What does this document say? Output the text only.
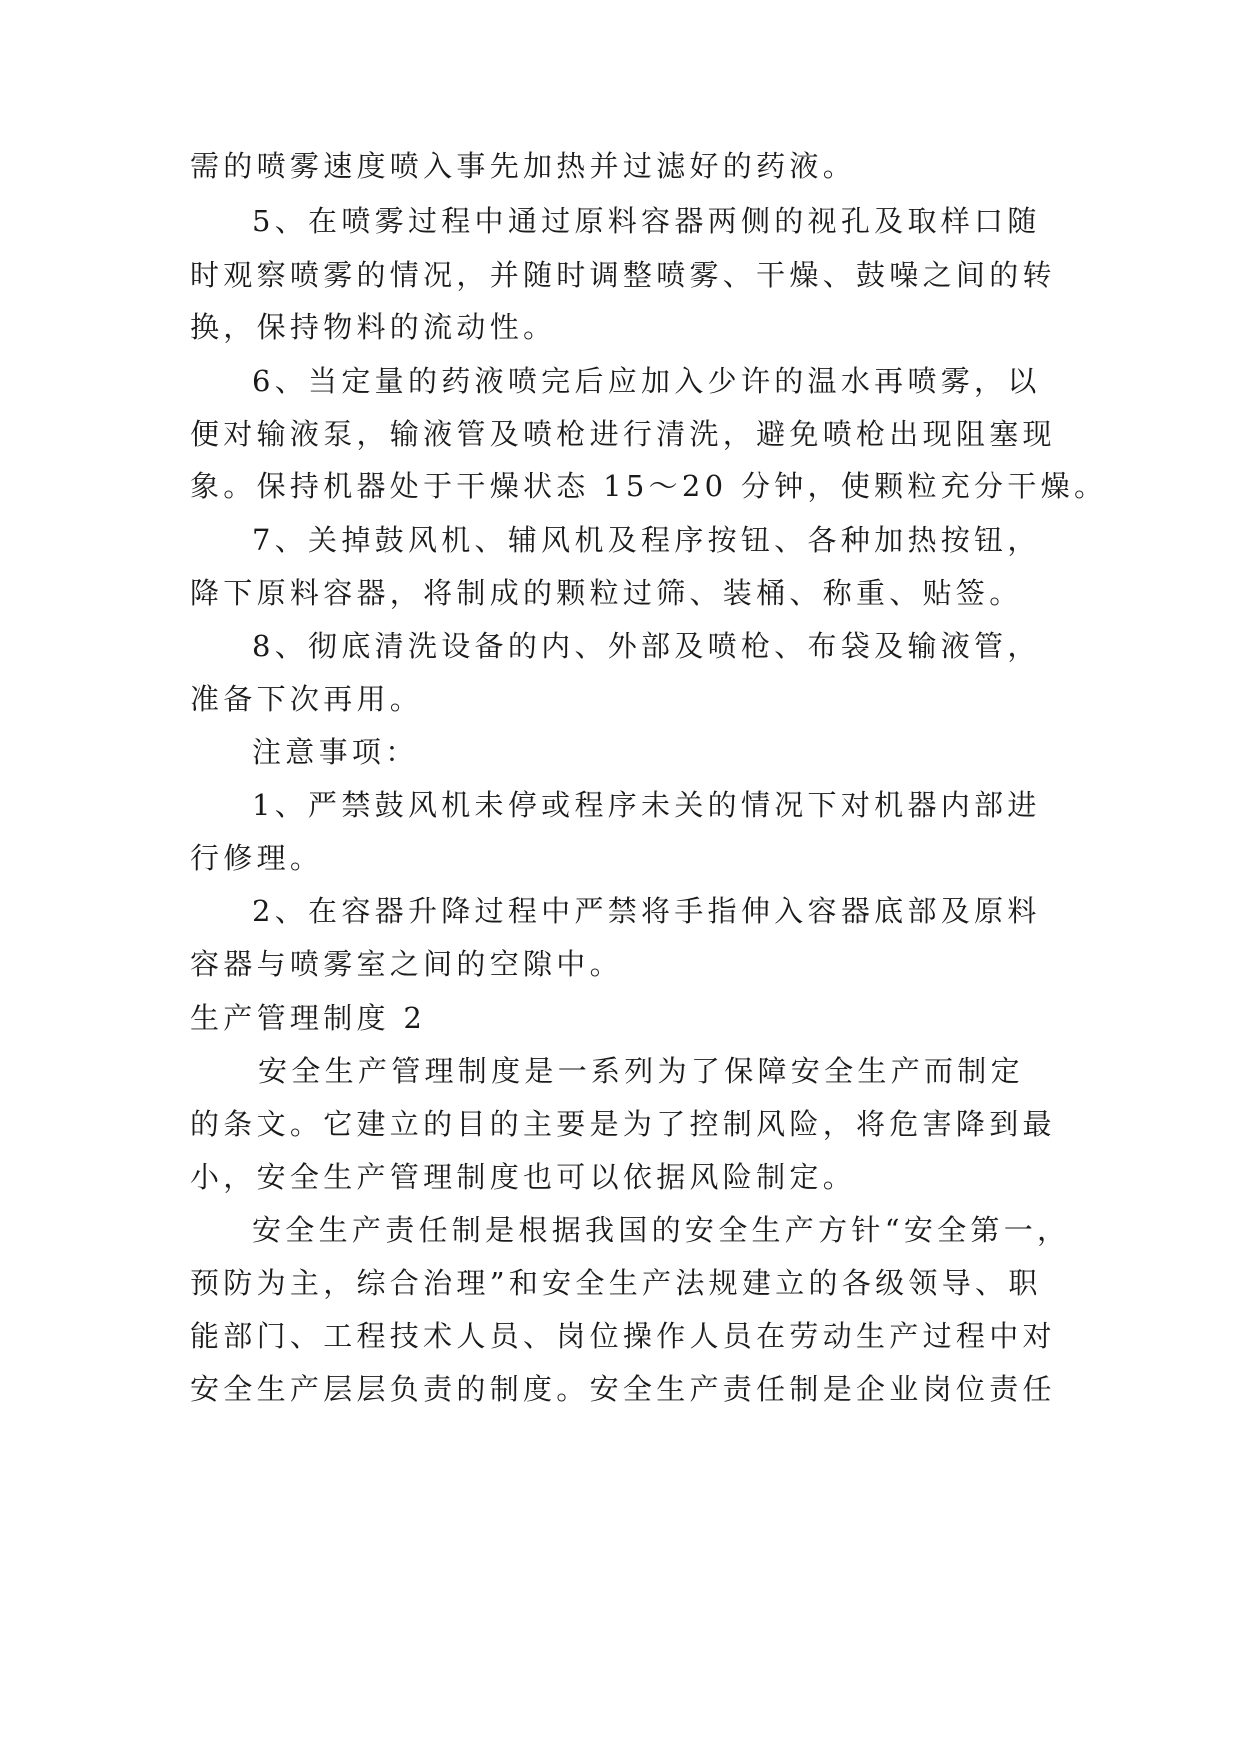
需的喷雾速度喷入事先加热并过滤好的药液。
5、在喷雾过程中通过原料容器两侧的视孔及取样口随
时观察喷雾的情况，并随时调整喷雾、干燥、鼓噪之间的转
换，保持物料的流动性。
6、当定量的药液喷完后应加入少许的温水再喷雾，以
便对输液泵，输液管及喷枪进行清洗，避免喷枪出现阻塞现
象。保持机器处于干燥状态 15～20 分钟，使颗粒充分干燥。
7、关掉鼓风机、辅风机及程序按钮、各种加热按钮，
降下原料容器，将制成的颗粒过筛、装桶、称重、贴签。
8、彻底清洗设备的内、外部及喷枪、布袋及输液管，
准备下次再用。
注意事项：
1、严禁鼓风机未停或程序未关的情况下对机器内部进
行修理。
2、在容器升降过程中严禁将手指伸入容器底部及原料
容器与喷雾室之间的空隙中。
生产管理制度 2
安全生产管理制度是一系列为了保障安全生产而制定
的条文。它建立的目的主要是为了控制风险，将危害降到最
小，安全生产管理制度也可以依据风险制定。
安全生产责任制是根据我国的安全生产方针“安全第一，
预防为主，综合治理”和安全生产法规建立的各级领导、职
能部门、工程技术人员、岗位操作人员在劳动生产过程中对
安全生产层层负责的制度。安全生产责任制是企业岗位责任
